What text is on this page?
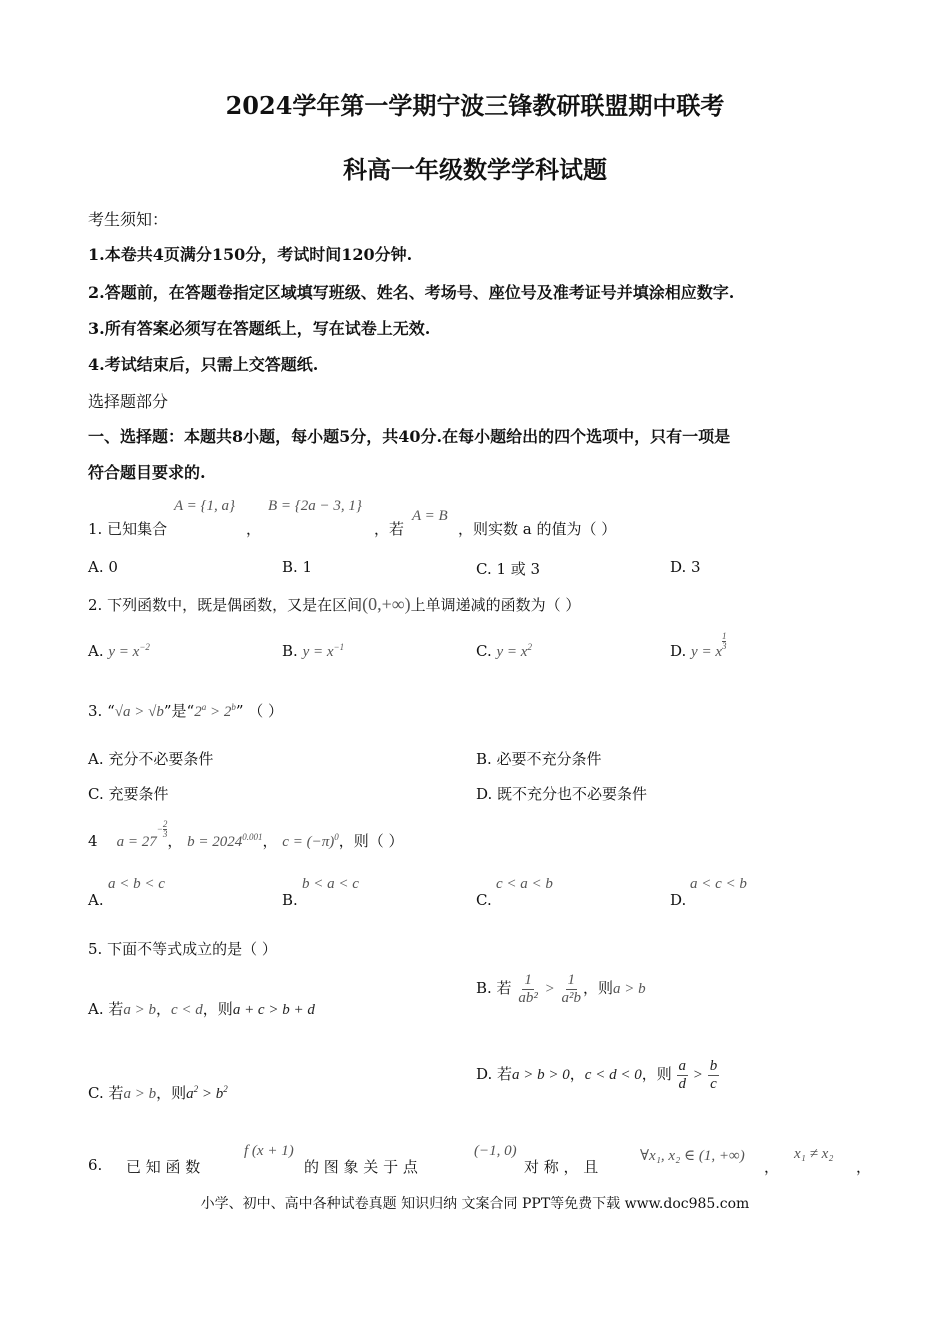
2024学年第一学期宁波三锋教研联盟期中联考
科高一年级数学学科试题
考生须知：
1.本卷共4页满分150分，考试时间120分钟.
2.答题前，在答题卷指定区域填写班级、姓名、考场号、座位号及准考证号并填涂相应数字.
3.所有答案必须写在答题纸上，写在试卷上无效.
4.考试结束后，只需上交答题纸.
选择题部分
一、选择题：本题共8小题，每小题5分，共40分.在每小题给出的四个选项中，只有一项是
符合题目要求的.
1. 已知集合
A = {1, a}
，
B = {2a − 3, 1}
，若
A = B
，则实数 a 的值为（ ）
A. 0	B. 1	C. 1 或 3	D. 3
2. 下列函数中，既是偶函数，又是在区间(0,+∞)上单调递减的函数为（ ）
A. $y = x^{-2}$	B. $y = x^{-1}$	C. $y = x^2$	D. y = x
$\frac{1}{3}$
3. “√a > √b”是“$2^a > 2^b$” （ ）
A. 充分不必要条件	B. 必要不充分条件
C. 充要条件	D. 既不充分也不必要条件
4 a = 27
− $\frac{2}{3}$
， $b = 2024^{0.001}$， $c = (-\pi)^0$，则（ ）
A.
a < b < c
B.
b < a < c
C.
c < a < b
D.
a < c < b
5. 下面不等式成立的是（ ）
A. 若a > b，c < d，则a + c > b + d
B. 若 $\frac{1}{\text{ab²}} > \frac{1}{\text{a²b}}$ ，则a > b
C. 若a > b，则$a^2 > b^2$
D. 若a > b > 0，c < d < 0，则 $\frac{a}{d} > \frac{b}{c}$
6. 已 知 函 数
f (x + 1)
的 图 象 关 于 点
(−1, 0)
对 称 ， 且
∀x₁, x₂ ∈ (1, +∞)
，
x₁ ≠ x₂
，
小学、初中、高中各种试卷真题 知识归纳 文案合同 PPT等免费下载 www.doc985.com
